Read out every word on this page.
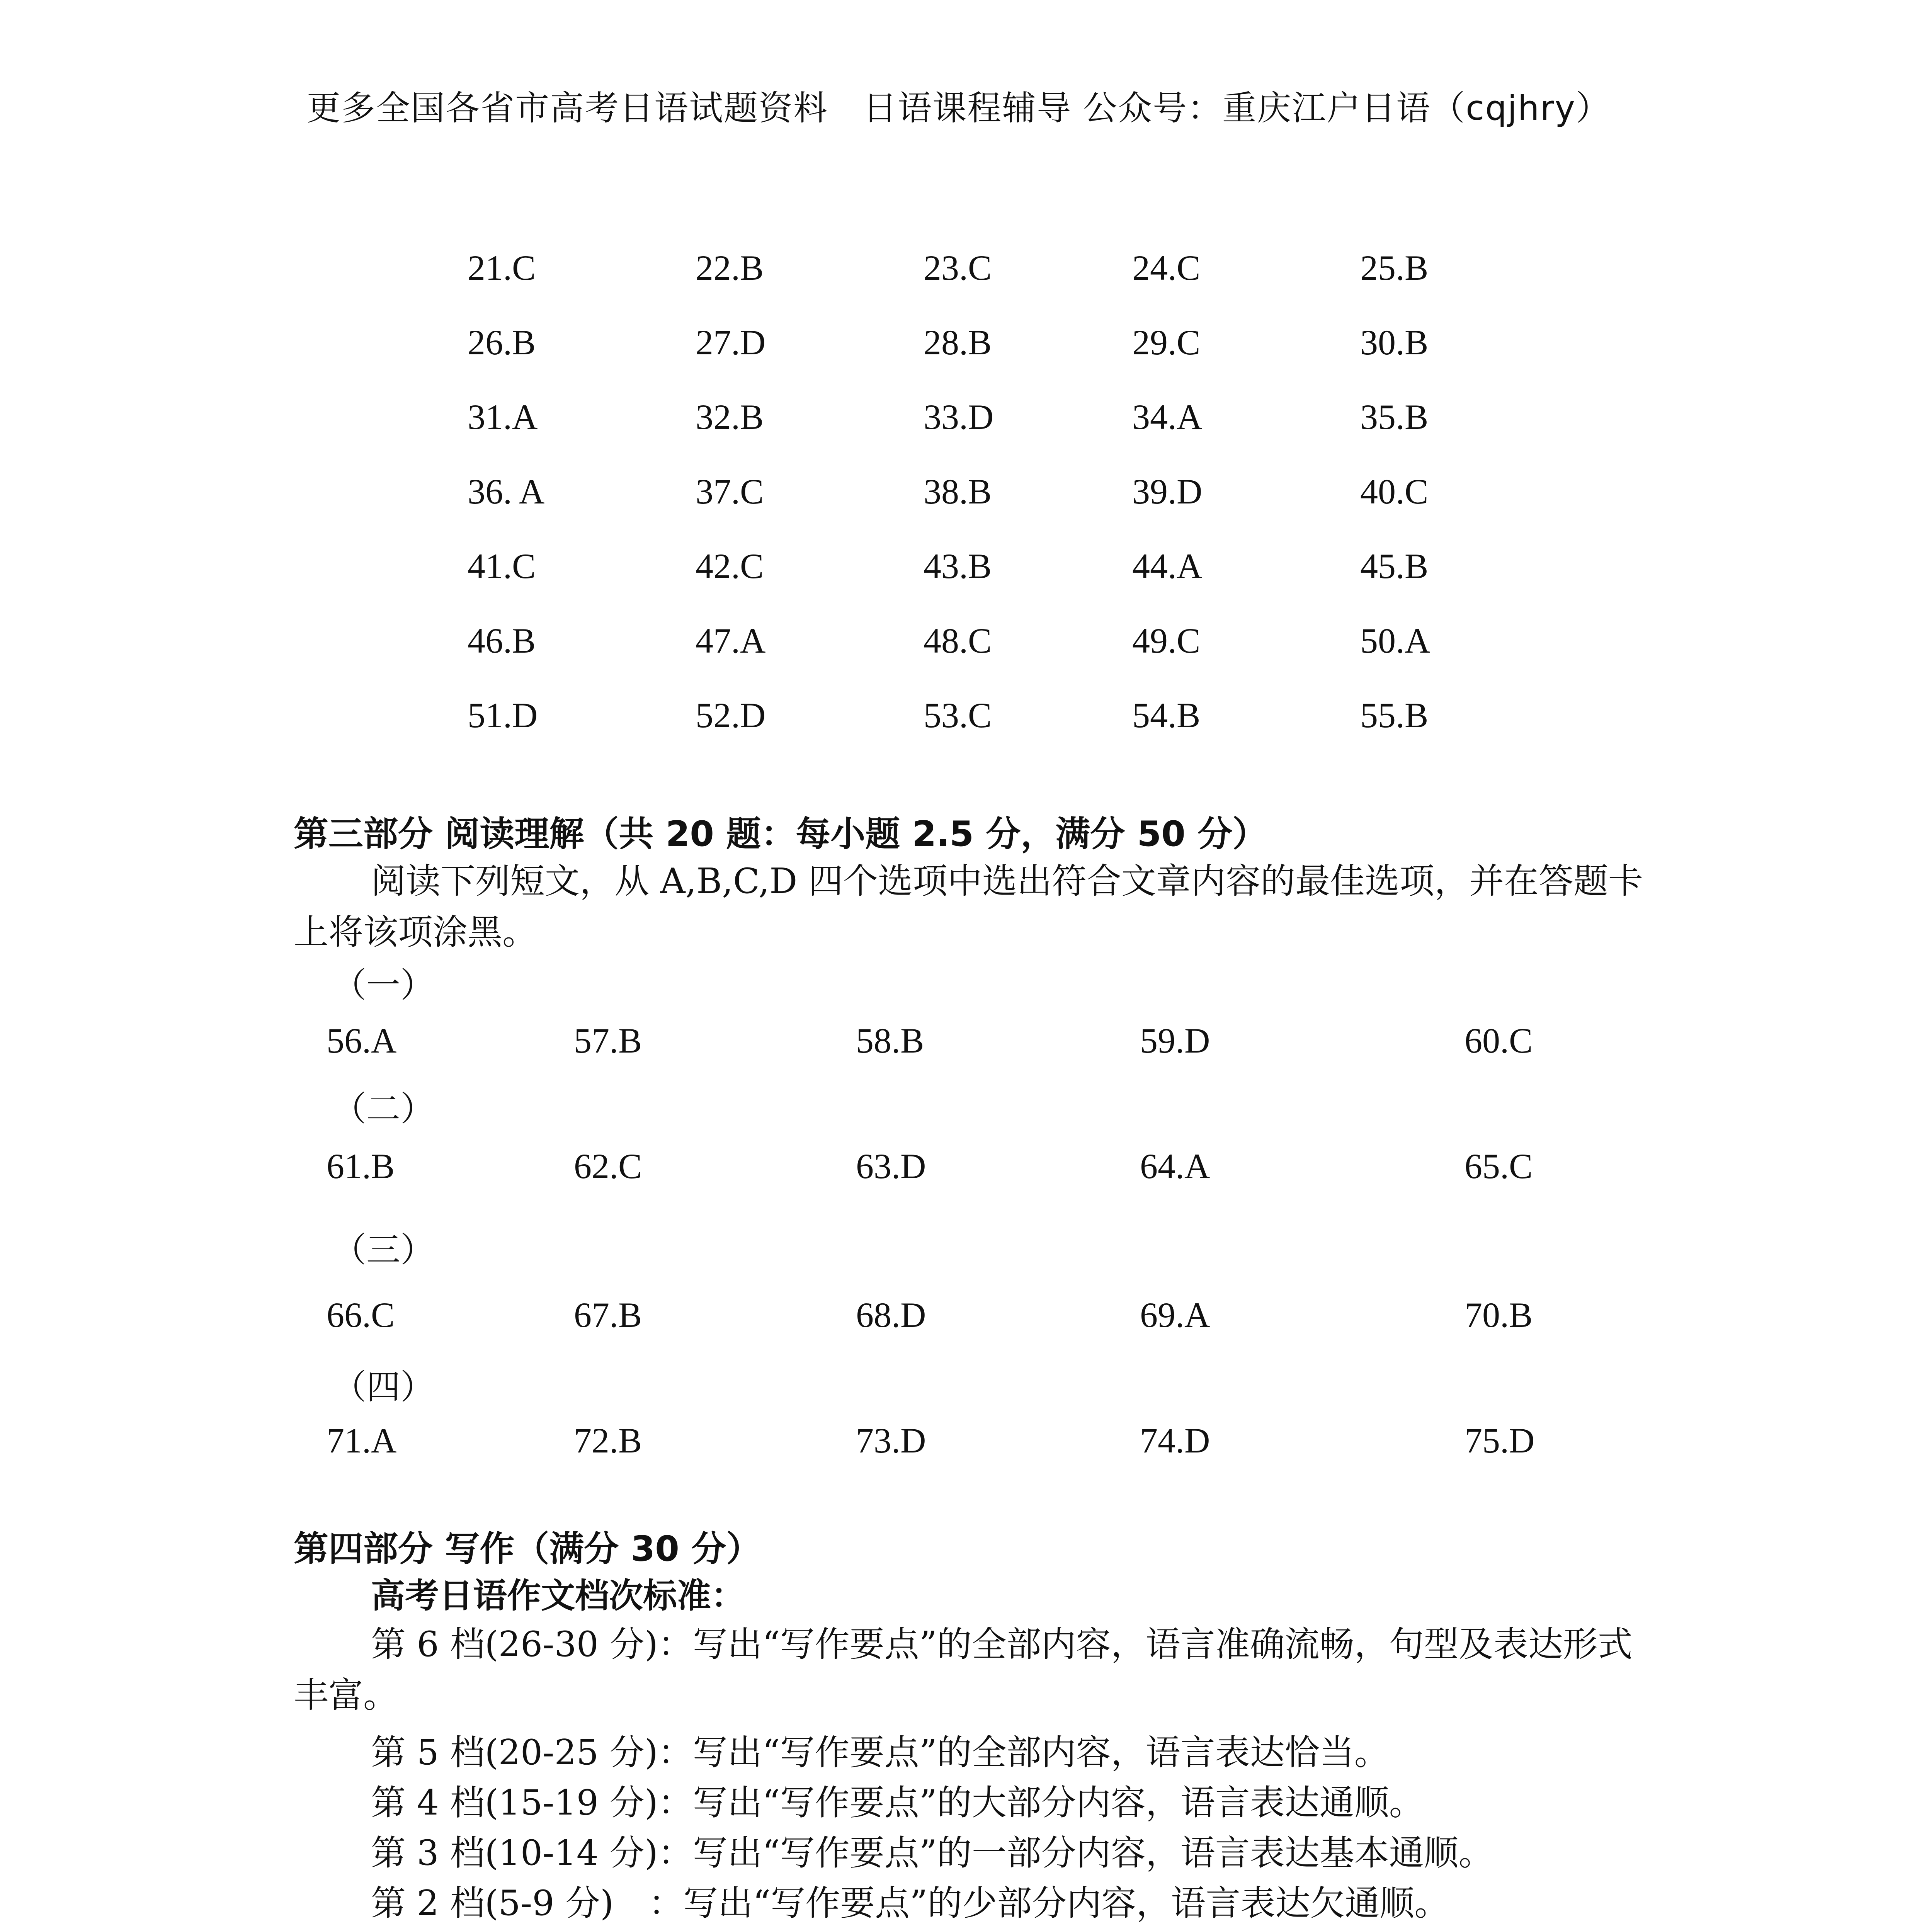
更多全国各省市高考日语试题资料　日语课程辅导 公众号：重庆江户日语（cqjhry）
21.C	22.B	23.C	24.C	25.B
26.B	27.D	28.B	29.C	30.B
31.A	32.B	33.D	34.A	35.B
36. A	37.C	38.B	39.D	40.C
41.C	42.C	43.B	44.A	45.B
46.B	47.A	48.C	49.C	50.A
51.D	52.D	53.C	54.B	55.B
第三部分 阅读理解（共 20 题：每小题 2.5 分，满分 50 分）
阅读下列短文，从 A,B,C,D 四个选项中选出符合文章内容的最佳选项，并在答题卡上将该项涂黑。
（一）
56.A	57.B	58.B	59.D	60.C
（二）
61.B	62.C	63.D	64.A	65.C
（三）
66.C	67.B	68.D	69.A	70.B
（四）
71.A	72.B	73.D	74.D	75.D
第四部分 写作（满分 30 分）
高考日语作文档次标准：
第 6 档(26-30 分)：写出“写作要点”的全部内容，语言准确流畅，句型及表达形式丰富。
第 5 档(20-25 分)：写出“写作要点”的全部内容，语言表达恰当。
第 4 档(15-19 分)：写出“写作要点”的大部分内容，语言表达通顺。
第 3 档(10-14 分)：写出“写作要点”的一部分内容，语言表达基本通顺。
第 2 档(5-9 分)　：写出“写作要点”的少部分内容，语言表达欠通顺。
